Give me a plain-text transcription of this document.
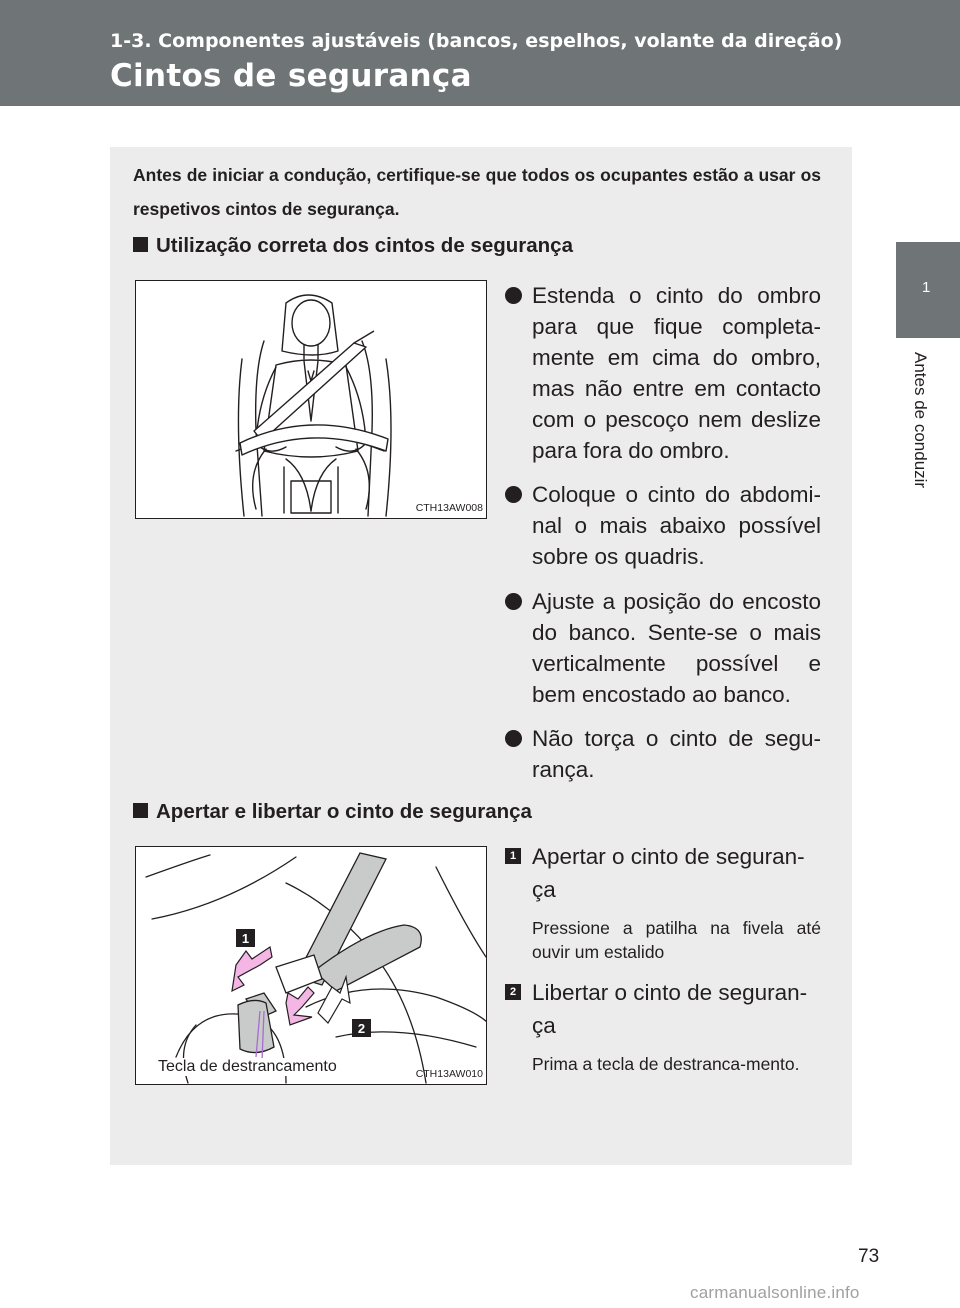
1-3. Componentes ajustáveis (bancos, espelhos, volante da direção)
Cintos de segurança
1
Antes de conduzir
Antes de iniciar a condução, certifique-se que todos os ocupantes estão a usar os respetivos cintos de segurança.
Utilização correta dos cintos de segurança
CTH13AW008
Estenda o cinto do ombro para que fique completa-mente em cima do ombro, mas não entre em contacto com o pescoço nem deslize para fora do ombro.
Coloque o cinto do abdomi-nal o mais abaixo possível sobre os quadris.
Ajuste a posição do encosto do banco. Sente-se o mais verticalmente possível e bem encostado ao banco.
Não torça o cinto de segu-rança.
Apertar e libertar o cinto de segurança
1
2
Tecla de destrancamento	CTH13AW010
1 Apertar o cinto de seguran-ça
Pressione a patilha na fivela até ouvir um estalido
2 Libertar o cinto de seguran-ça
Prima a tecla de destranca-mento.
73
carmanualsonline.info
